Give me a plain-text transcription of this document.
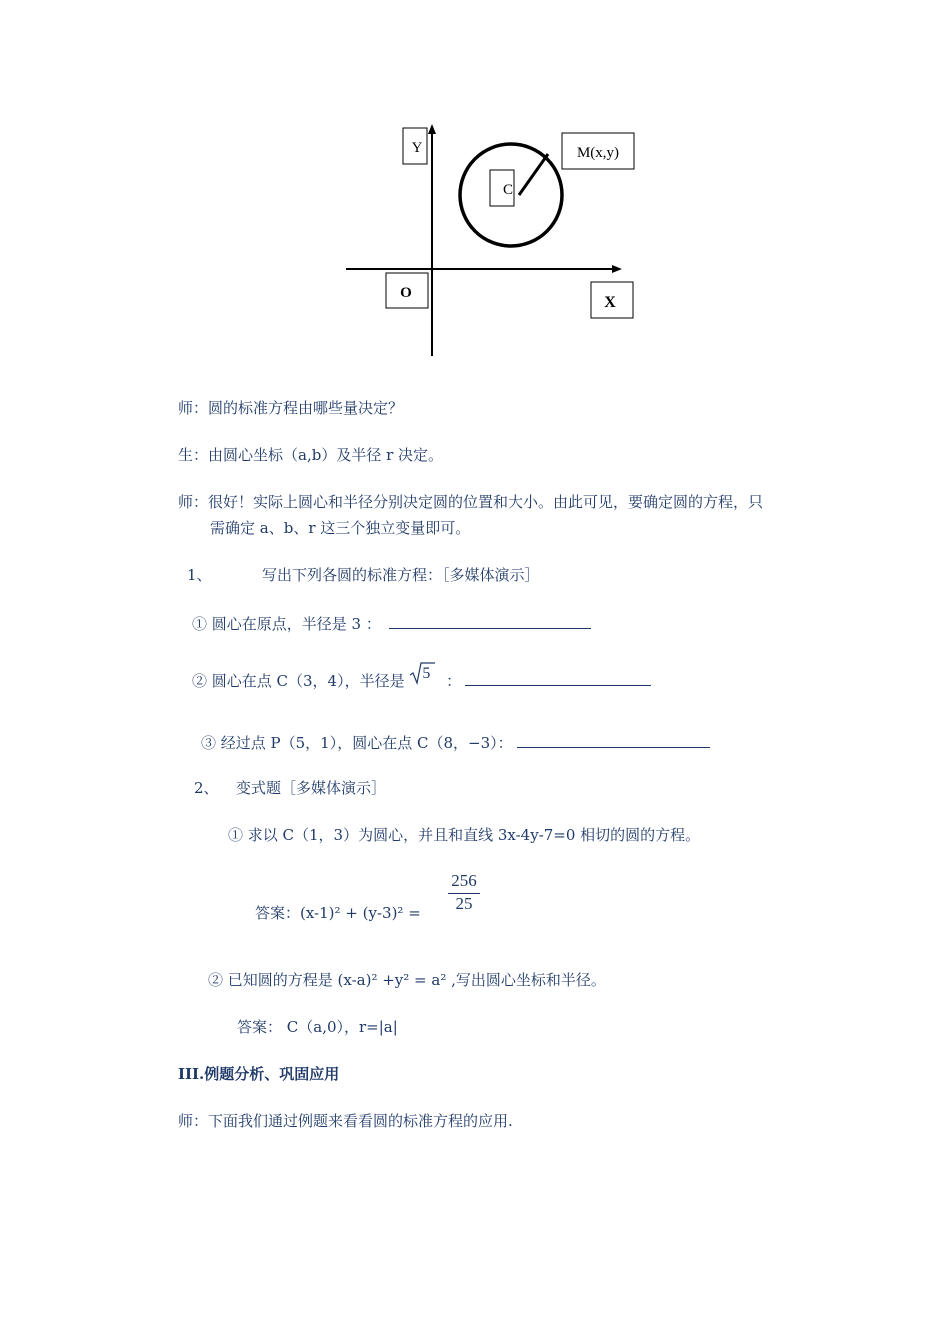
Y
C
M(x,y)
O
X
师：圆的标准方程由哪些量决定？
生：由圆心坐标（a,b）及半径 r 决定。
师：很好！实际上圆心和半径分别决定圆的位置和大小。由此可见，要确定圆的方程，只
需确定 a、b、r 这三个独立变量即可。
1、	写出下列各圆的标准方程：［多媒体演示］
① 圆心在原点，半径是 3 ：
② 圆心在点 C（3，4），半径是 5 ：
③ 经过点 P（5，1），圆心在点 C（8，−3）：
2、 变式题［多媒体演示］
① 求以 C（1，3）为圆心，并且和直线 3x-4y-7=0 相切的圆的方程。
答案：(x-1)² + (y-3)² =
256
25
② 已知圆的方程是 (x-a)² +y² = a² ,写出圆心坐标和半径。
答案： C（a,0），r=|a|
III.例题分析、巩固应用
师：下面我们通过例题来看看圆的标准方程的应用.
